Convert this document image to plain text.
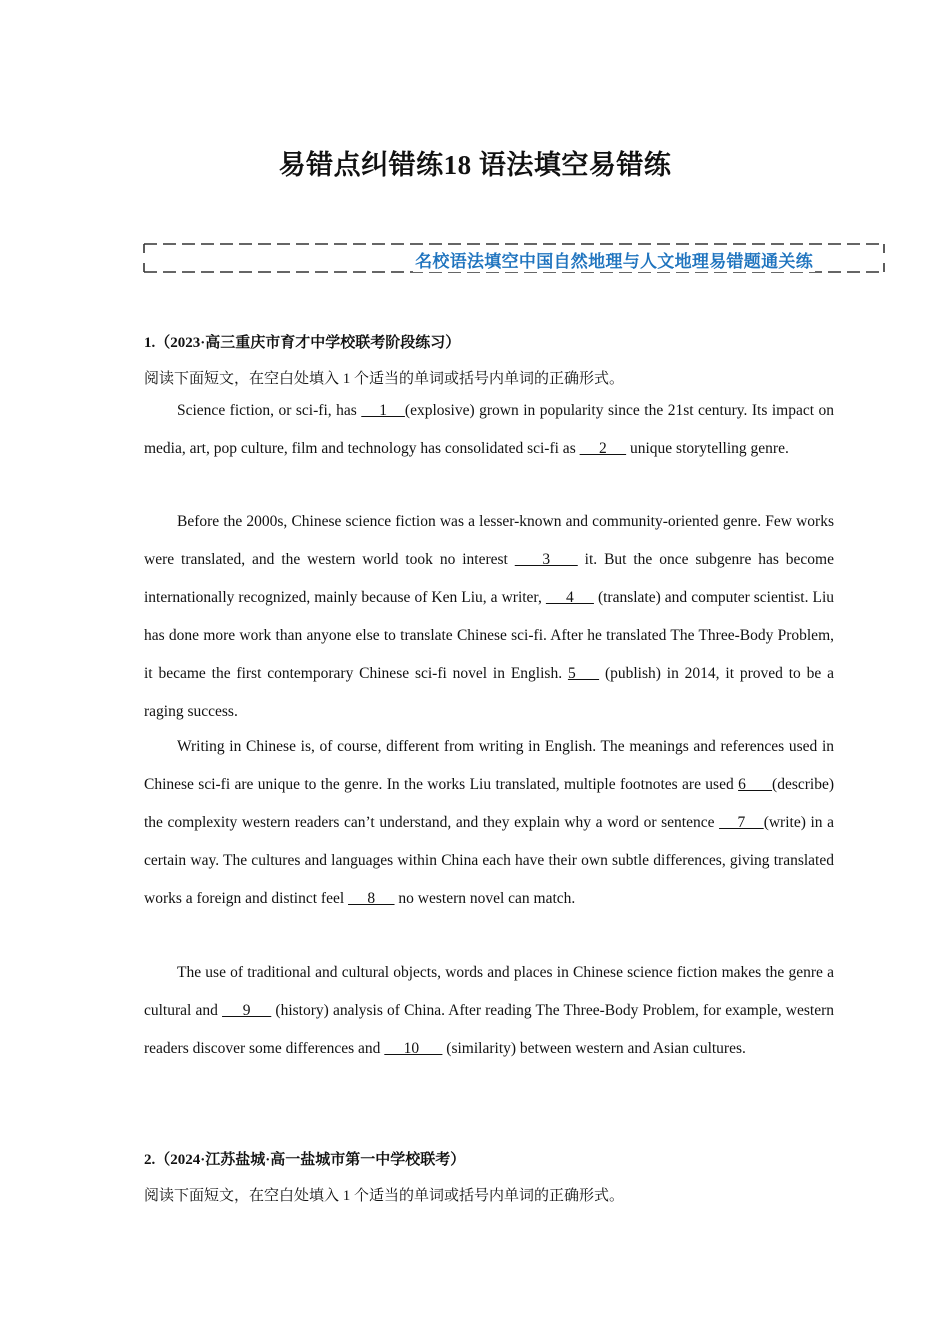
易错点纠错练18 语法填空易错练
名校语法填空中国自然地理与人文地理易错题通关练
1.（2023·高三重庆市育才中学校联考阶段练习）
阅读下面短文，在空白处填入 1 个适当的单词或括号内单词的正确形式。
Science fiction, or sci-fi, has     1    (explosive) grown in popularity since the 21st century. Its impact on media, art, pop culture, film and technology has consolidated sci-fi as      2      unique storytelling genre.
Before the 2000s, Chinese science fiction was a lesser-known and community-oriented genre. Few works were translated, and the western world took no interest     3     it. But the once subgenre has become internationally recognized, mainly because of Ken Liu, a writer,      4      (translate) and computer scientist. Liu has done more work than anyone else to translate Chinese sci-fi. After he translated The Three-Body Problem, it became the first contemporary Chinese sci-fi novel in English. 5     (publish) in 2014, it proved to be a raging success.
Writing in Chinese is, of course, different from writing in English. The meanings and references used in Chinese sci-fi are unique to the genre. In the works Liu translated, multiple footnotes are used 6      (describe) the complexity western readers can’t understand, and they explain why a word or sentence     7    (write) in a certain way. The cultures and languages within China each have their own subtle differences, giving translated works a foreign and distinct feel      8      no western novel can match.
The use of traditional and cultural objects, words and places in Chinese science fiction makes the genre a cultural and      9      (history) analysis of China. After reading The Three-Body Problem, for example, western readers discover some differences and      10       (similarity) between western and Asian cultures.
2.（2024·江苏盐城·高一盐城市第一中学校联考）
阅读下面短文，在空白处填入 1 个适当的单词或括号内单词的正确形式。
